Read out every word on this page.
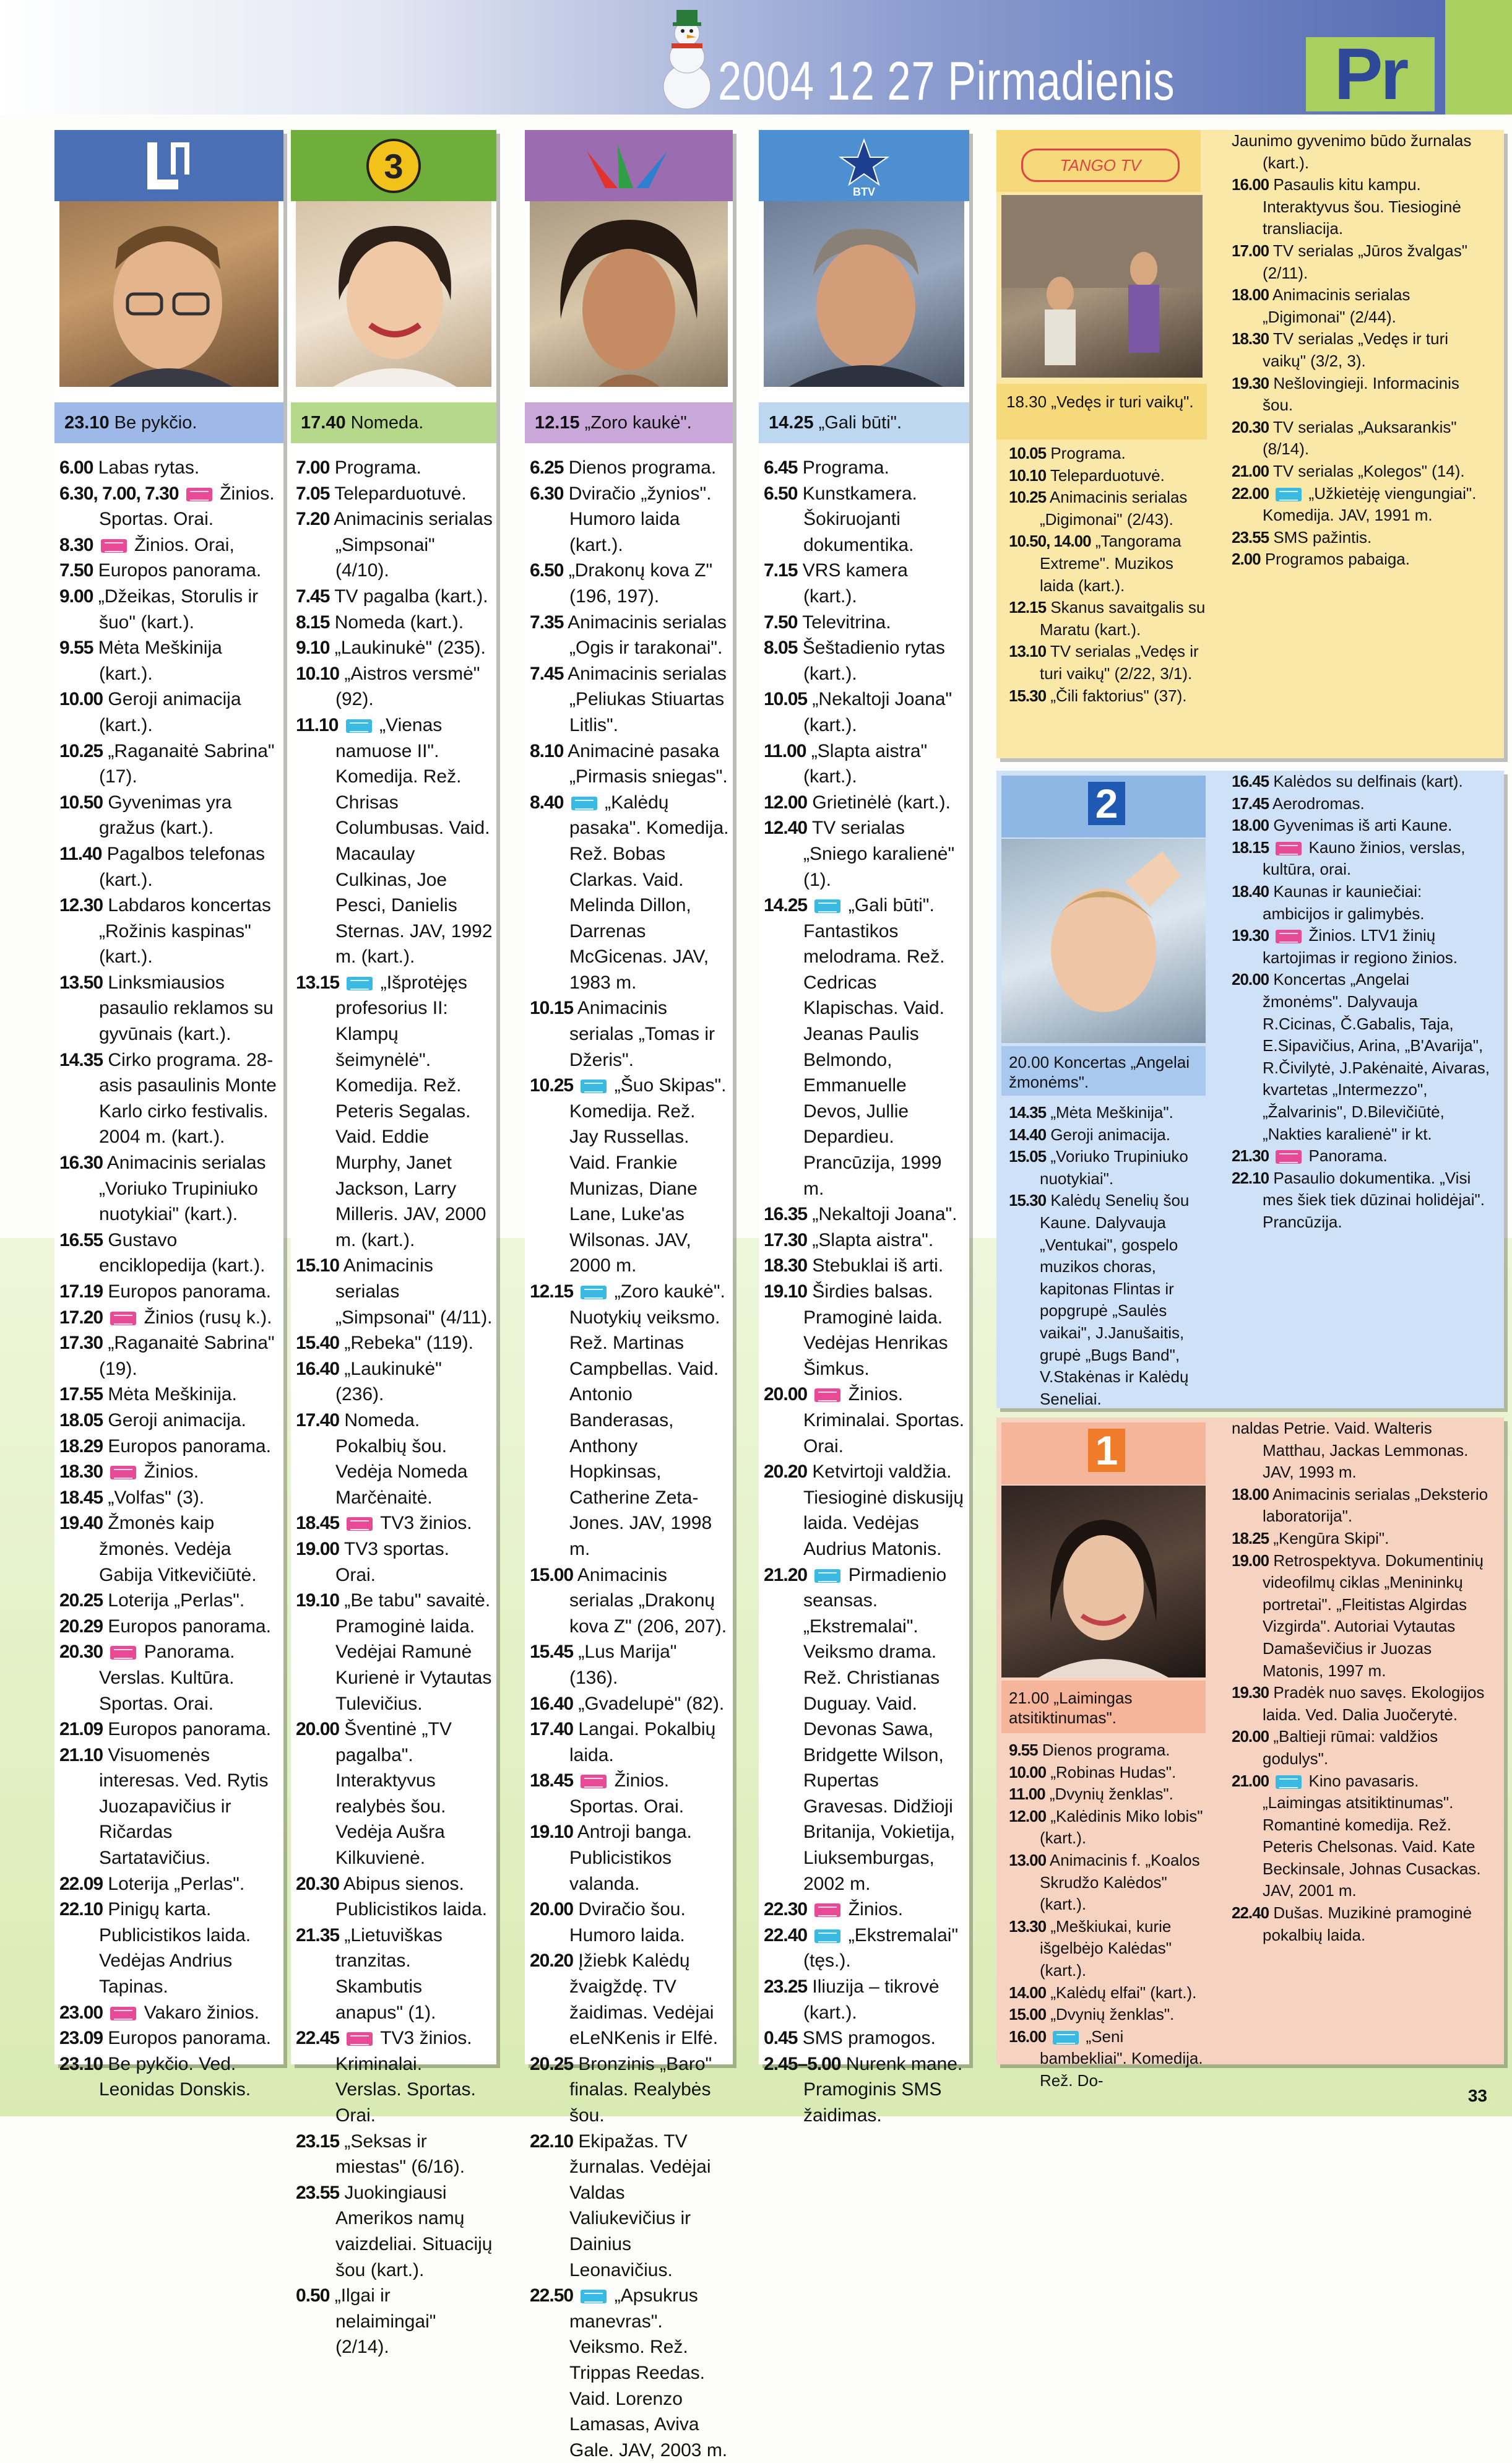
2004 12 27 Pirmadienis	Pr
23.10 Be pykčio.

6.00 Labas rytas.

6.30, 7.00, 7.30 Žinios. Sportas. Orai.

8.30 Žinios. Orai,

7.50 Europos panorama.

9.00 „Džeikas, Storulis ir šuo" (kart.).

9.55 Mėta Meškinija (kart.).

10.00 Geroji animacija (kart.).

10.25 „Raganaitė Sabrina" (17).

10.50 Gyvenimas yra gražus (kart.).

11.40 Pagalbos telefonas (kart.).

12.30 Labdaros koncertas „Rožinis kaspinas" (kart.).

13.50 Linksmiausios pasaulio reklamos su gyvūnais (kart.).

14.35 Cirko programa. 28-asis pasaulinis Monte Karlo cirko festivalis. 2004 m. (kart.).

16.30 Animacinis serialas „Voriuko Trupiniuko nuotykiai" (kart.).

16.55 Gustavo enciklopedija (kart.).

17.19 Europos panorama.

17.20 Žinios (rusų k.).

17.30 „Raganaitė Sabrina" (19).

17.55 Mėta Meškinija.

18.05 Geroji animacija.

18.29 Europos panorama.

18.30 Žinios.

18.45 „Volfas" (3).

19.40 Žmonės kaip žmonės. Vedėja Gabija Vitkevičiūtė.

20.25 Loterija „Perlas".

20.29 Europos panorama.

20.30 Panorama. Verslas. Kultūra. Sportas. Orai.

21.09 Europos panorama.

21.10 Visuomenės interesas. Ved. Rytis Juozapavičius ir Ričardas Sartatavičius.

22.09 Loterija „Perlas".

22.10 Pinigų karta. Publicistikos laida. Vedėjas Andrius Tapinas.

23.00 Vakaro žinios.

23.09 Europos panorama.

23.10 Be pykčio. Ved. Leonidas Donskis.

3
17.40 Nomeda.

7.00 Programa.

7.05 Teleparduotuvė.

7.20 Animacinis serialas „Simpsonai" (4/10).

7.45 TV pagalba (kart.).

8.15 Nomeda (kart.).

9.10 „Laukinukė" (235).

10.10 „Aistros versmė" (92).

11.10 „Vienas namuose II". Komedija. Rež. Chrisas Columbusas. Vaid. Macaulay Culkinas, Joe Pesci, Danielis Sternas. JAV, 1992 m. (kart.).

13.15 „Išprotėjęs profesorius II: Klampų šeimynėlė". Komedija. Rež. Peteris Segalas. Vaid. Eddie Murphy, Janet Jackson, Larry Milleris. JAV, 2000 m. (kart.).

15.10 Animacinis serialas „Simpsonai" (4/11).

15.40 „Rebeka" (119).

16.40 „Laukinukė" (236).

17.40 Nomeda. Pokalbių šou. Vedėja Nomeda Marčėnaitė.

18.45 TV3 žinios.

19.00 TV3 sportas. Orai.

19.10 „Be tabu" savaitė. Pramoginė laida. Vedėjai Ramunė Kurienė ir Vytautas Tulevičius.

20.00 Šventinė „TV pagalba". Interaktyvus realybės šou. Vedėja Aušra Kilkuvienė.

20.30 Abipus sienos. Publicistikos laida.

21.35 „Lietuviškas tranzitas. Skambutis anapus" (1).

22.45 TV3 žinios. Kriminalai. Verslas. Sportas. Orai.

23.15 „Seksas ir miestas" (6/16).

23.55 Juokingiausi Amerikos namų vaizdeliai. Situacijų šou (kart.).

0.50 „Ilgai ir nelaimingai" (2/14).

12.15 „Zoro kaukė".

6.25 Dienos programa.

6.30 Dviračio „žynios". Humoro laida (kart.).

6.50 „Drakonų kova Z" (196, 197).

7.35 Animacinis serialas „Ogis ir tarakonai".

7.45 Animacinis serialas „Peliukas Stiuartas Litlis".

8.10 Animacinė pasaka „Pirmasis sniegas".

8.40 „Kalėdų pasaka". Komedija. Rež. Bobas Clarkas. Vaid. Melinda Dillon, Darrenas McGicenas. JAV, 1983 m.

10.15 Animacinis serialas „Tomas ir Džeris".

10.25 „Šuo Skipas". Komedija. Rež. Jay Russellas. Vaid. Frankie Munizas, Diane Lane, Luke'as Wilsonas. JAV, 2000 m.

12.15 „Zoro kaukė". Nuotykių veiksmo. Rež. Martinas Campbellas. Vaid. Antonio Banderasas, Anthony Hopkinsas, Catherine Zeta-Jones. JAV, 1998 m.

15.00 Animacinis serialas „Drakonų kova Z" (206, 207).

15.45 „Lus Marija" (136).

16.40 „Gvadelupė" (82).

17.40 Langai. Pokalbių laida.

18.45 Žinios. Sportas. Orai.

19.10 Antroji banga. Publicistikos valanda.

20.00 Dviračio šou. Humoro laida.

20.20 Įžiebk Kalėdų žvaigždę. TV žaidimas. Vedėjai eLeNKenis ir Elfė.

20.25 Bronzinis „Baro" finalas. Realybės šou.

22.10 Ekipažas. TV žurnalas. Vedėjai Valdas Valiukevičius ir Dainius Leonavičius.

22.50 „Apsukrus manevras". Veiksmo. Rež. Trippas Reedas. Vaid. Lorenzo Lamasas, Aviva Gale. JAV, 2003 m.

BTV
14.25 „Gali būti".

6.45 Programa.

6.50 Kunstkamera. Šokiruojanti dokumentika.

7.15 VRS kamera (kart.).

7.50 Televitrina.

8.05 Šeštadienio rytas (kart.).

10.05 „Nekaltoji Joana" (kart.).

11.00 „Slapta aistra" (kart.).

12.00 Grietinėlė (kart.).

12.40 TV serialas „Sniego karalienė" (1).

14.25 „Gali būti". Fantastikos melodrama. Rež. Cedricas Klapischas. Vaid. Jeanas Paulis Belmondo, Emmanuelle Devos, Jullie Depardieu. Prancūzija, 1999 m.

16.35 „Nekaltoji Joana".

17.30 „Slapta aistra".

18.30 Stebuklai iš arti.

19.10 Širdies balsas. Pramoginė laida. Vedėjas Henrikas Šimkus.

20.00 Žinios. Kriminalai. Sportas. Orai.

20.20 Ketvirtoji valdžia. Tiesioginė diskusijų laida. Vedėjas Audrius Matonis.

21.20 Pirmadienio seansas. „Ekstremalai". Veiksmo drama. Rež. Christianas Duguay. Vaid. Devonas Sawa, Bridgette Wilson, Rupertas Gravesas. Didžioji Britanija, Vokietija, Liuksemburgas, 2002 m.

22.30 Žinios.

22.40 „Ekstremalai" (tęs.).

23.25 Iliuzija – tikrovė (kart.).

0.45 SMS pramogos.

2.45–5.00 Nurenk mane. Pramoginis SMS žaidimas.

TANGO TV
18.30 „Vedęs ir turi vaikų".

10.05 Programa.

10.10 Teleparduotuvė.

10.25 Animacinis serialas „Digimonai" (2/43).

10.50, 14.00 „Tangorama Extreme". Muzikos laida (kart.).

12.15 Skanus savaitgalis su Maratu (kart.).

13.10 TV serialas „Vedęs ir turi vaikų" (2/22, 3/1).

15.30 „Čili faktorius" (37).

Jaunimo gyvenimo būdo žurnalas (kart.).

16.00 Pasaulis kitu kampu. Interaktyvus šou. Tiesioginė transliacija.

17.00 TV serialas „Jūros žvalgas" (2/11).

18.00 Animacinis serialas „Digimonai" (2/44).

18.30 TV serialas „Vedęs ir turi vaikų" (3/2, 3).

19.30 Nešlovingieji. Informacinis šou.

20.30 TV serialas „Auksarankis" (8/14).

21.00 TV serialas „Kolegos" (14).

22.00 „Užkietėję viengungiai". Komedija. JAV, 1991 m.

23.55 SMS pažintis.

2.00 Programos pabaiga.

2
20.00 Koncertas „Angelai žmonėms".

14.35 „Mėta Meškinija".

14.40 Geroji animacija.

15.05 „Voriuko Trupiniuko nuotykiai".

15.30 Kalėdų Senelių šou Kaune. Dalyvauja „Ventukai", gospelo muzikos choras, kapitonas Flintas ir popgrupė „Saulės vaikai", J.Janušaitis, grupė „Bugs Band", V.Stakėnas ir Kalėdų Seneliai.

16.45 Kalėdos su delfinais (kart).

17.45 Aerodromas.

18.00 Gyvenimas iš arti Kaune.

18.15 Kauno žinios, verslas, kultūra, orai.

18.40 Kaunas ir kauniečiai: ambicijos ir galimybės.

19.30 Žinios. LTV1 žinių kartojimas ir regiono žinios.

20.00 Koncertas „Angelai žmonėms". Dalyvauja R.Cicinas, Č.Gabalis, Taja, E.Sipavičius, Arina, „B'Avarija", R.Čivilytė, J.Pakėnaitė, Aivaras, kvartetas „Intermezzo", „Žalvarinis", D.Bilevičiūtė, „Nakties karalienė" ir kt.

21.30 Panorama.

22.10 Pasaulio dokumentika. „Visi mes šiek tiek dūzinai holidėjai". Prancūzija.

1
21.00 „Laimingas atsitiktinumas".

9.55 Dienos programa.

10.00 „Robinas Hudas".

11.00 „Dvynių ženklas".

12.00 „Kalėdinis Miko lobis" (kart.).

13.00 Animacinis f. „Koalos Skrudžo Kalėdos" (kart.).

13.30 „Meškiukai, kurie išgelbėjo Kalėdas" (kart.).

14.00 „Kalėdų elfai" (kart.).

15.00 „Dvynių ženklas".

16.00 „Seni bambekliai". Komedija. Rež. Do-

naldas Petrie. Vaid. Walteris Matthau, Jackas Lemmonas. JAV, 1993 m.

18.00 Animacinis serialas „Deksterio laboratorija".

18.25 „Kengūra Skipi".

19.00 Retrospektyva. Dokumentinių videofilmų ciklas „Menininkų portretai". „Fleitistas Algirdas Vizgirda". Autoriai Vytautas Damaševičius ir Juozas Matonis, 1997 m.

19.30 Pradėk nuo savęs. Ekologijos laida. Ved. Dalia Juočerytė.

20.00 „Baltieji rūmai: valdžios godulys".

21.00 Kino pavasaris. „Laimingas atsitiktinumas". Romantinė komedija. Rež. Peteris Chelsonas. Vaid. Kate Beckinsale, Johnas Cusackas. JAV, 2001 m.

22.40 Dušas. Muzikinė pramoginė pokalbių laida.

33
